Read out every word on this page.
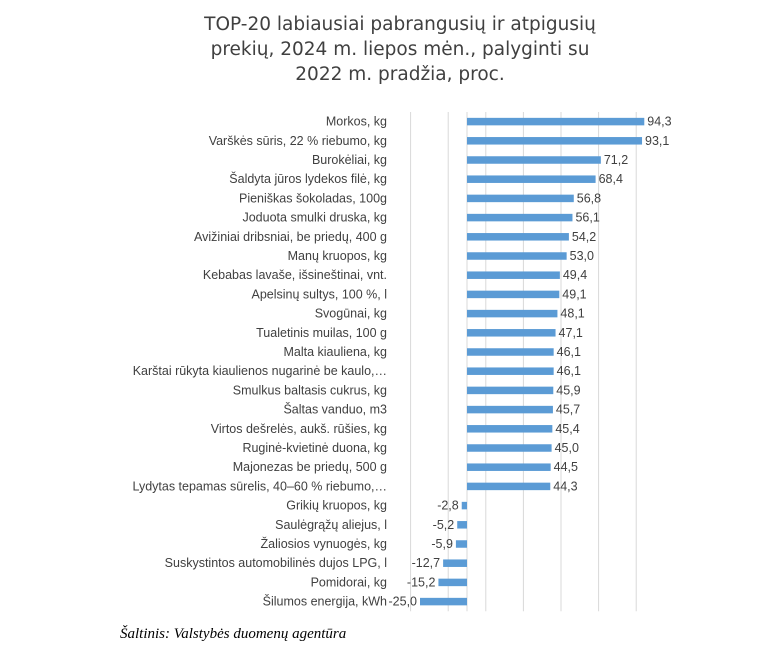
TOP-20 labiausiai pabrangusių ir atpigusių prekių, 2024 m. liepos mėn., palyginti su 2022 m. pradžia, proc.
Morkos, kg
Varškės sūris, 22 % riebumo, kg
Burokėliai, kg
Šaldyta jūros lydekos filė, kg
Pieniškas šokoladas, 100g
Joduota smulki druska, kg
Avižiniai dribsniai, be priedų, 400 g
Manų kruopos, kg
Kebabas lavaše, išsineštinai, vnt.
Apelsinų sultys, 100 %, l
Svogūnai, kg
Tualetinis muilas, 100 g
Malta kiauliena, kg
Karštai rūkyta kiaulienos nugarinė be kaulo,…
Smulkus baltasis cukrus, kg
Šaltas vanduo, m3
Virtos dešrelės, aukš. rūšies, kg
Ruginė-kvietinė duona, kg
Majonezas be priedų, 500 g
Lydytas tepamas sūrelis, 40–60 % riebumo,…
Grikių kruopos, kg
Saulėgrąžų aliejus, l
Žaliosios vynuogės, kg
Suskystintos automobilinės dujos LPG, l
Pomidorai, kg
Šilumos energija, kWh
94,3
93,1
71,2
68,4
56,8
56,1
54,2
53,0
49,4
49,1
48,1
47,1
46,1
46,1
45,9
45,7
45,4
45,0
44,5
44,3
-2,8
-5,2
-5,9
-12,7
-15,2
-25,0
Šaltinis: Valstybės duomenų agentūra
